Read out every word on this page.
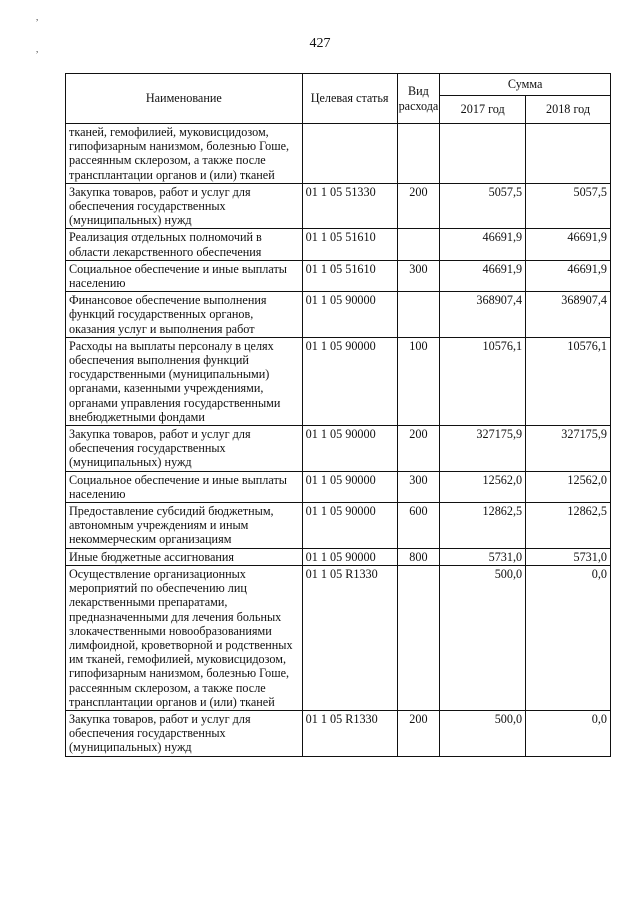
427
,
,
Наименование	Целевая статья	Вид расхода	Сумма	
			2017 год	2018 год
тканей, гемофилией, муковисцидозом, гипофизарным нанизмом, болезнью Гоше, рассеянным склерозом, а также после трансплантации органов и (или) тканей				
Закупка товаров, работ и услуг для обеспечения государственных (муниципальных) нужд	01 1 05 51330	200	5057,5	5057,5
Реализация отдельных полномочий в области лекарственного обеспечения	01 1 05 51610		46691,9	46691,9
Социальное обеспечение и иные выплаты населению	01 1 05 51610	300	46691,9	46691,9
Финансовое обеспечение выполнения функций государственных органов, оказания услуг и выполнения работ	01 1 05 90000		368907,4	368907,4
Расходы на выплаты персоналу в целях обеспечения выполнения функций государственными (муниципальными) органами, казенными учреждениями, органами управления государственными внебюджетными фондами	01 1 05 90000	100	10576,1	10576,1
Закупка товаров, работ и услуг для обеспечения государственных (муниципальных) нужд	01 1 05 90000	200	327175,9	327175,9
Социальное обеспечение и иные выплаты населению	01 1 05 90000	300	12562,0	12562,0
Предоставление субсидий бюджетным, автономным учреждениям и иным некоммерческим организациям	01 1 05 90000	600	12862,5	12862,5
Иные бюджетные ассигнования	01 1 05 90000	800	5731,0	5731,0
Осуществление организационных мероприятий по обеспечению лиц лекарственными препаратами, предназначенными для лечения больных злокачественными новообразованиями лимфоидной, кроветворной и родственных им тканей, гемофилией, муковисцидозом, гипофизарным нанизмом, болезнью Гоше, рассеянным склерозом, а также после трансплантации органов и (или) тканей	01 1 05 R1330		500,0	0,0
Закупка товаров, работ и услуг для обеспечения государственных (муниципальных) нужд	01 1 05 R1330	200	500,0	0,0
